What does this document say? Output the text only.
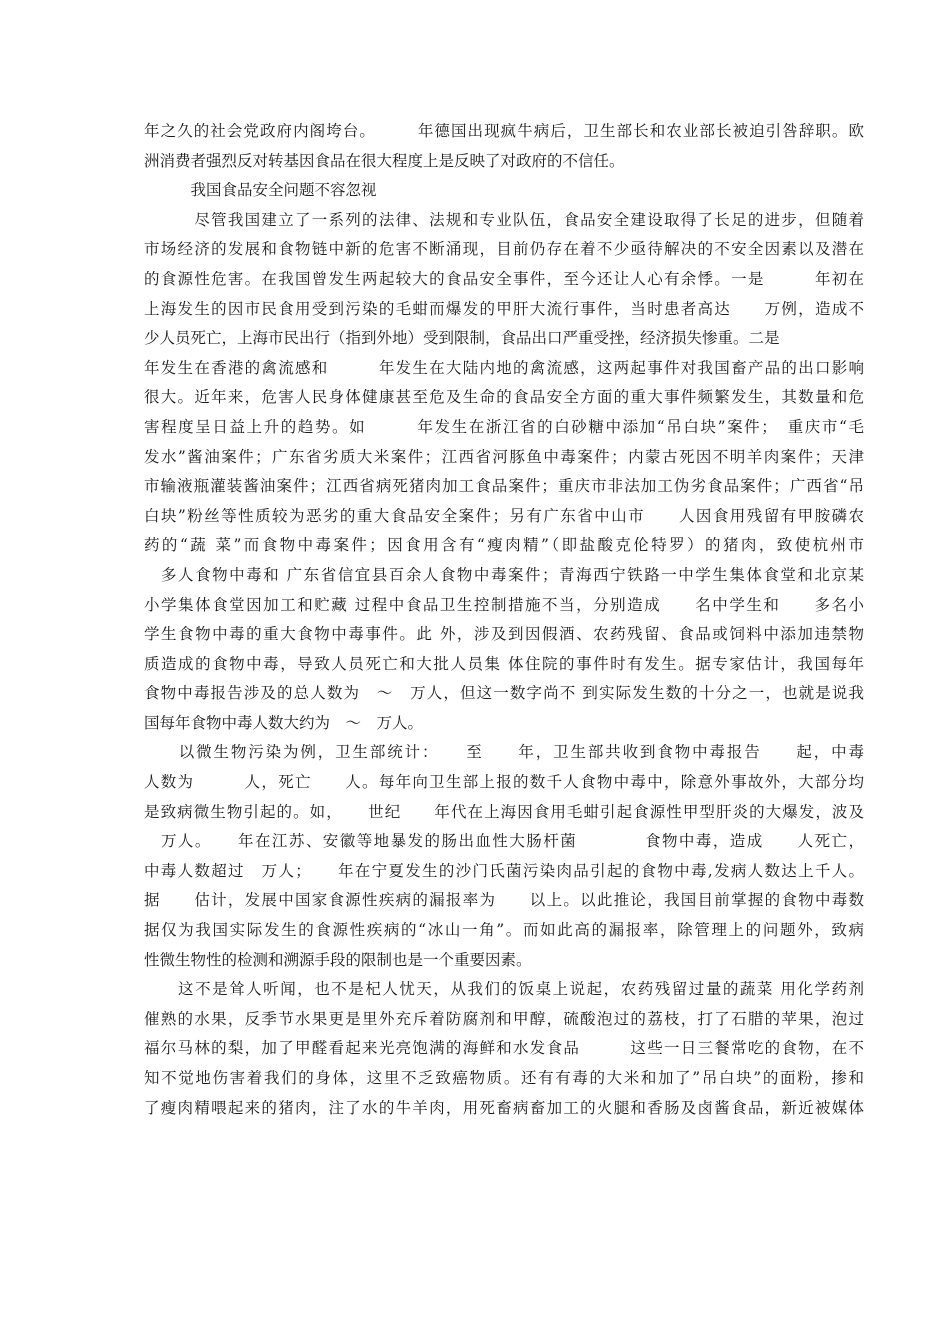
年之久的社会党政府内阁垮台。　　　年德国出现疯牛病后，卫生部长和农业部长被迫引咎辞职。欧
洲消费者强烈反对转基因食品在很大程度上是反映了对政府的不信任。
　　　我国食品安全问题不容忽视
　　　尽管我国建立了一系列的法律、法规和专业队伍，食品安全建设取得了长足的进步，但随着
市场经济的发展和食物链中新的危害不断涌现，目前仍存在着不少亟待解决的不安全因素以及潜在
的食源性危害。在我国曾发生两起较大的食品安全事件，至今还让人心有余悸。一是　　　年初在
上海发生的因市民食用受到污染的毛蚶而爆发的甲肝大流行事件，当时患者高达　　万例，造成不
少人员死亡，上海市民出行（指到外地）受到限制，食品出口严重受挫，经济损失惨重。二是
年发生在香港的禽流感和　　　年发生在大陆内地的禽流感，这两起事件对我国畜产品的出口影响
很大。近年来，危害人民身体健康甚至危及生命的食品安全方面的重大事件频繁发生，其数量和危
害程度呈日益上升的趋势。如　　　年发生在浙江省的白砂糖中添加“吊白块”案件；　重庆市“毛
发水”酱油案件；广东省劣质大米案件；江西省河豚鱼中毒案件；内蒙古死因不明羊肉案件；天津
市输液瓶灌装酱油案件；江西省病死猪肉加工食品案件；重庆市非法加工伪劣食品案件；广西省“吊
白块”粉丝等性质较为恶劣的重大食品安全案件；另有广东省中山市　　人因食用残留有甲胺磷农
药的“蔬 菜”而食物中毒案件；因食用含有“瘦肉精”（即盐酸克伦特罗）的猪肉，致使杭州市
　多人食物中毒和 广东省信宜县百余人食物中毒案件；青海西宁铁路一中学生集体食堂和北京某
小学集体食堂因加工和贮藏 过程中食品卫生控制措施不当，分别造成　　名中学生和　　多名小
学生食物中毒的重大食物中毒事件。此 外，涉及到因假酒、农药残留、食品或饲料中添加违禁物
质造成的食物中毒，导致人员死亡和大批人员集 体住院的事件时有发生。据专家估计，我国每年
食物中毒报告涉及的总人数为　～　万人，但这一数字尚不 到实际发生数的十分之一，也就是说我
国每年食物中毒人数大约为　～　万人。
　　以微生物污染为例，卫生部统计：　　至　　年，卫生部共收到食物中毒报告　　起，中毒
人数为　　　人，死亡　　人。每年向卫生部上报的数千人食物中毒中，除意外事故外，大部分均
是致病微生物引起的。如，　　世纪　　年代在上海因食用毛蚶引起食源性甲型肝炎的大爆发，波及
　万人。　　年在江苏、安徽等地暴发的肠出血性大肠杆菌　　　　食物中毒，造成　　人死亡，
中毒人数超过　万人；　　年在宁夏发生的沙门氏菌污染肉品引起的食物中毒,发病人数达上千人。
据　　估计，发展中国家食源性疾病的漏报率为　　以上。以此推论，我国目前掌握的食物中毒数
据仅为我国实际发生的食源性疾病的“冰山一角”。而如此高的漏报率，除管理上的问题外，致病
性微生物性的检测和溯源手段的限制也是一个重要因素。
　　这不是耸人听闻，也不是杞人忧天，从我们的饭桌上说起，农药残留过量的蔬菜 用化学药剂
催熟的水果，反季节水果更是里外充斥着防腐剂和甲醇，硫酸泡过的荔枝，打了石腊的苹果，泡过
福尔马林的梨，加了甲醛看起来光亮饱满的海鲜和水发食品　　　这些一日三餐常吃的食物，在不
知不觉地伤害着我们的身体，这里不乏致癌物质。还有有毒的大米和加了”吊白块”的面粉，掺和
了瘦肉精喂起来的猪肉，注了水的牛羊肉，用死畜病畜加工的火腿和香肠及卤酱食品，新近被媒体
